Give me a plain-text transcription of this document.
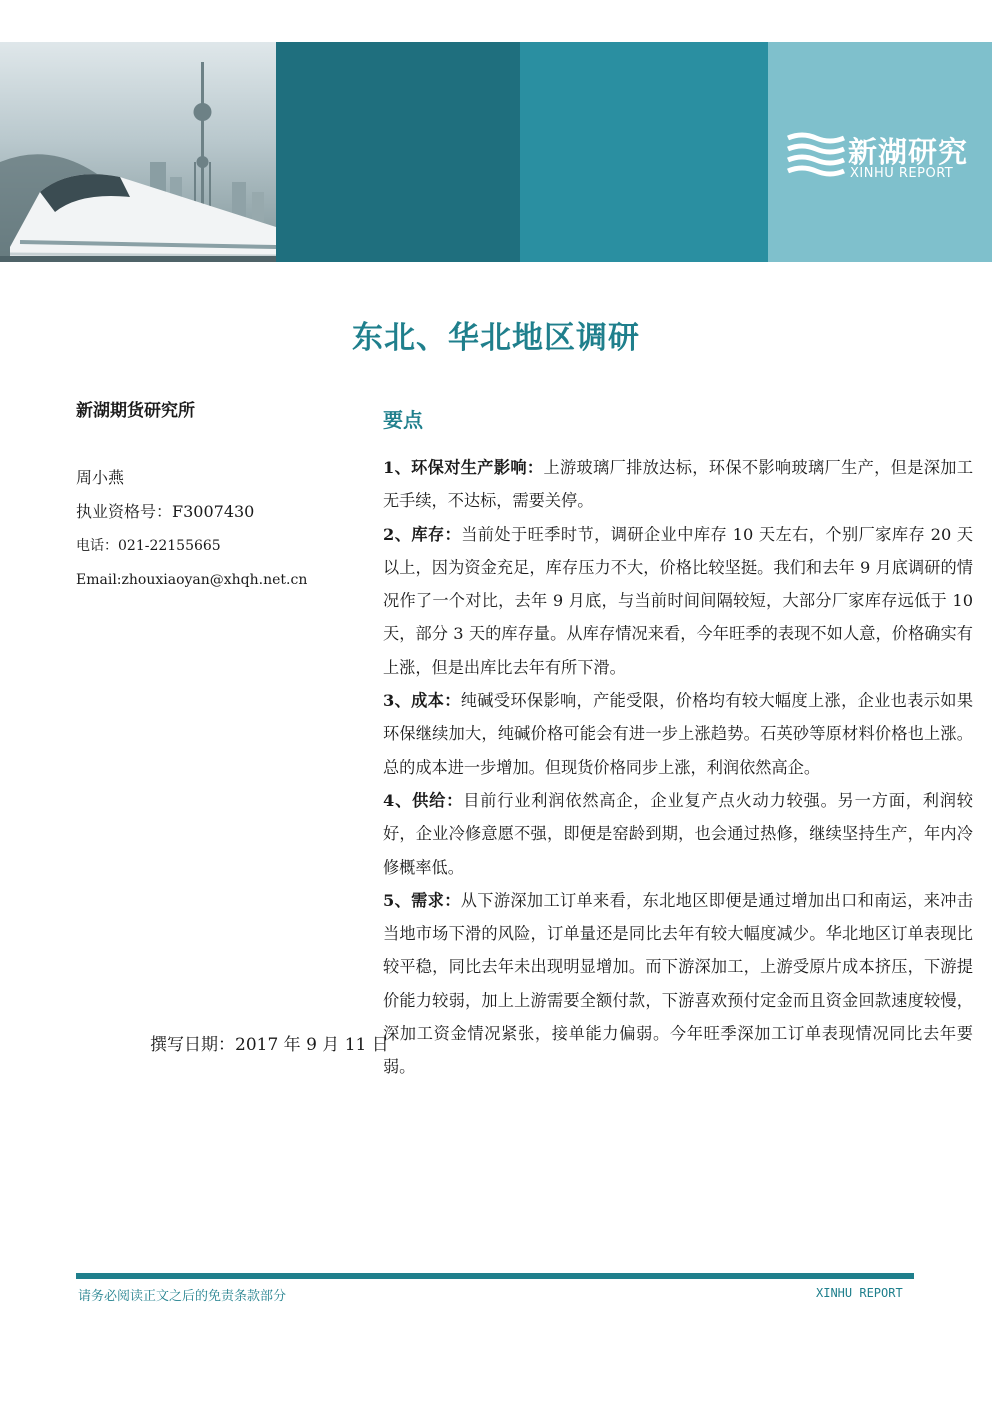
新湖研究
XINHU REPORT
东北、华北地区调研
新湖期货研究所
周小燕
执业资格号：F3007430
电话：021-22155665
Email:zhouxiaoyan@xhqh.net.cn
撰写日期：2017 年 9 月 11 日
要点

1、环保对生产影响：上游玻璃厂排放达标，环保不影响玻璃厂生产，但是深加工无手续，不达标，需要关停。

2、库存：当前处于旺季时节，调研企业中库存 10 天左右，个别厂家库存 20 天以上，因为资金充足，库存压力不大，价格比较坚挺。我们和去年 9 月底调研的情况作了一个对比，去年 9 月底，与当前时间间隔较短，大部分厂家库存远低于 10 天，部分 3 天的库存量。从库存情况来看，今年旺季的表现不如人意，价格确实有上涨，但是出库比去年有所下滑。

3、成本：纯碱受环保影响，产能受限，价格均有较大幅度上涨，企业也表示如果环保继续加大，纯碱价格可能会有进一步上涨趋势。石英砂等原材料价格也上涨。总的成本进一步增加。但现货价格同步上涨，利润依然高企。

4、供给：目前行业利润依然高企，企业复产点火动力较强。另一方面，利润较好，企业冷修意愿不强，即便是窑龄到期，也会通过热修，继续坚持生产，年内冷修概率低。

5、需求：从下游深加工订单来看，东北地区即便是通过增加出口和南运，来冲击当地市场下滑的风险，订单量还是同比去年有较大幅度减少。华北地区订单表现比较平稳，同比去年未出现明显增加。而下游深加工，上游受原片成本挤压，下游提价能力较弱，加上上游需要全额付款，下游喜欢预付定金而且资金回款速度较慢，深加工资金情况紧张，接单能力偏弱。今年旺季深加工订单表现情况同比去年要弱。

请务必阅读正文之后的免责条款部分	XINHU REPORT
